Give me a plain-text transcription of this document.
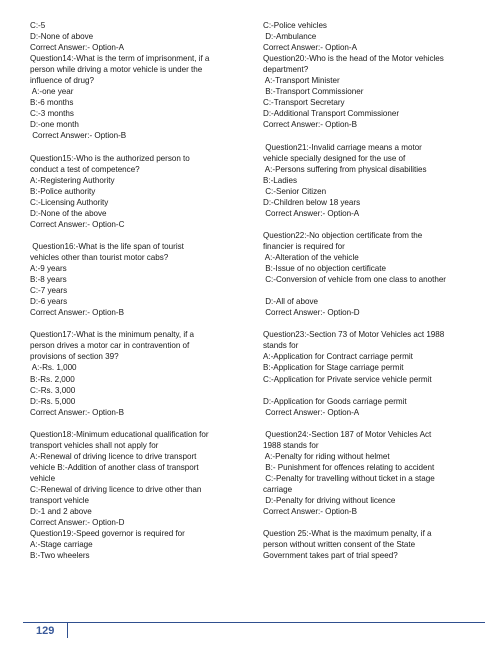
C:-5
D:-None of above
Correct Answer:- Option-A
Question14:-What is the term of imprisonment, if a
person while driving a motor vehicle is under the
influence of drug?
A:-one year
B:-6 months
C:-3 months
D:-one month
Correct Answer:- Option-B
Question15:-Who is the authorized person to
conduct a test of competence?
A:-Registering Authority
B:-Police authority
C:-Licensing Authority
D:-None of the above
Correct Answer:- Option-C
Question16:-What is the life span of tourist
vehicles other than tourist motor cabs?
A:-9 years
B:-8 years
C:-7 years
D:-6 years
Correct Answer:- Option-B
Question17:-What is the minimum penalty, if a
person drives a motor car in contravention of
provisions of section 39?
A:-Rs. 1,000
B:-Rs. 2,000
C:-Rs. 3,000
D:-Rs. 5,000
Correct Answer:- Option-B
Question18:-Minimum educational qualification for
transport vehicles shall not apply for
A:-Renewal of driving licence to drive transport
vehicle B:-Addition of another class of transport
vehicle
C:-Renewal of driving licence to drive other than
transport vehicle
D:-1 and 2 above
Correct Answer:- Option-D
Question19:-Speed governor is required for
A:-Stage carriage
B:-Two wheelers
C:-Police vehicles
D:-Ambulance
Correct Answer:- Option-A
Question20:-Who is the head of the Motor vehicles
department?
A:-Transport Minister
B:-Transport Commissioner
C:-Transport Secretary
D:-Additional Transport Commissioner
Correct Answer:- Option-B
Question21:-Invalid carriage means a motor
vehicle specially designed for the use of
A:-Persons suffering from physical disabilities
B:-Ladies
C:-Senior Citizen
D:-Children below 18 years
Correct Answer:- Option-A
Question22:-No objection certificate from the
financier is required for
A:-Alteration of the vehicle
B:-Issue of no objection certificate
C:-Conversion of vehicle from one class to another
D:-All of above
Correct Answer:- Option-D
Question23:-Section 73 of Motor Vehicles act 1988
stands for
A:-Application for Contract carriage permit
B:-Application for Stage carriage permit
C:-Application for Private service vehicle permit
D:-Application for Goods carriage permit
Correct Answer:- Option-A
Question24:-Section 187 of Motor Vehicles Act
1988 stands for
A:-Penalty for riding without helmet
B:- Punishment for offences relating to accident
C:-Penalty for travelling without ticket in a stage
carriage
D:-Penalty for driving without licence
Correct Answer:- Option-B
Question 25:-What is the maximum penalty, if a
person without written consent of the State
Government takes part of trial speed?
129
